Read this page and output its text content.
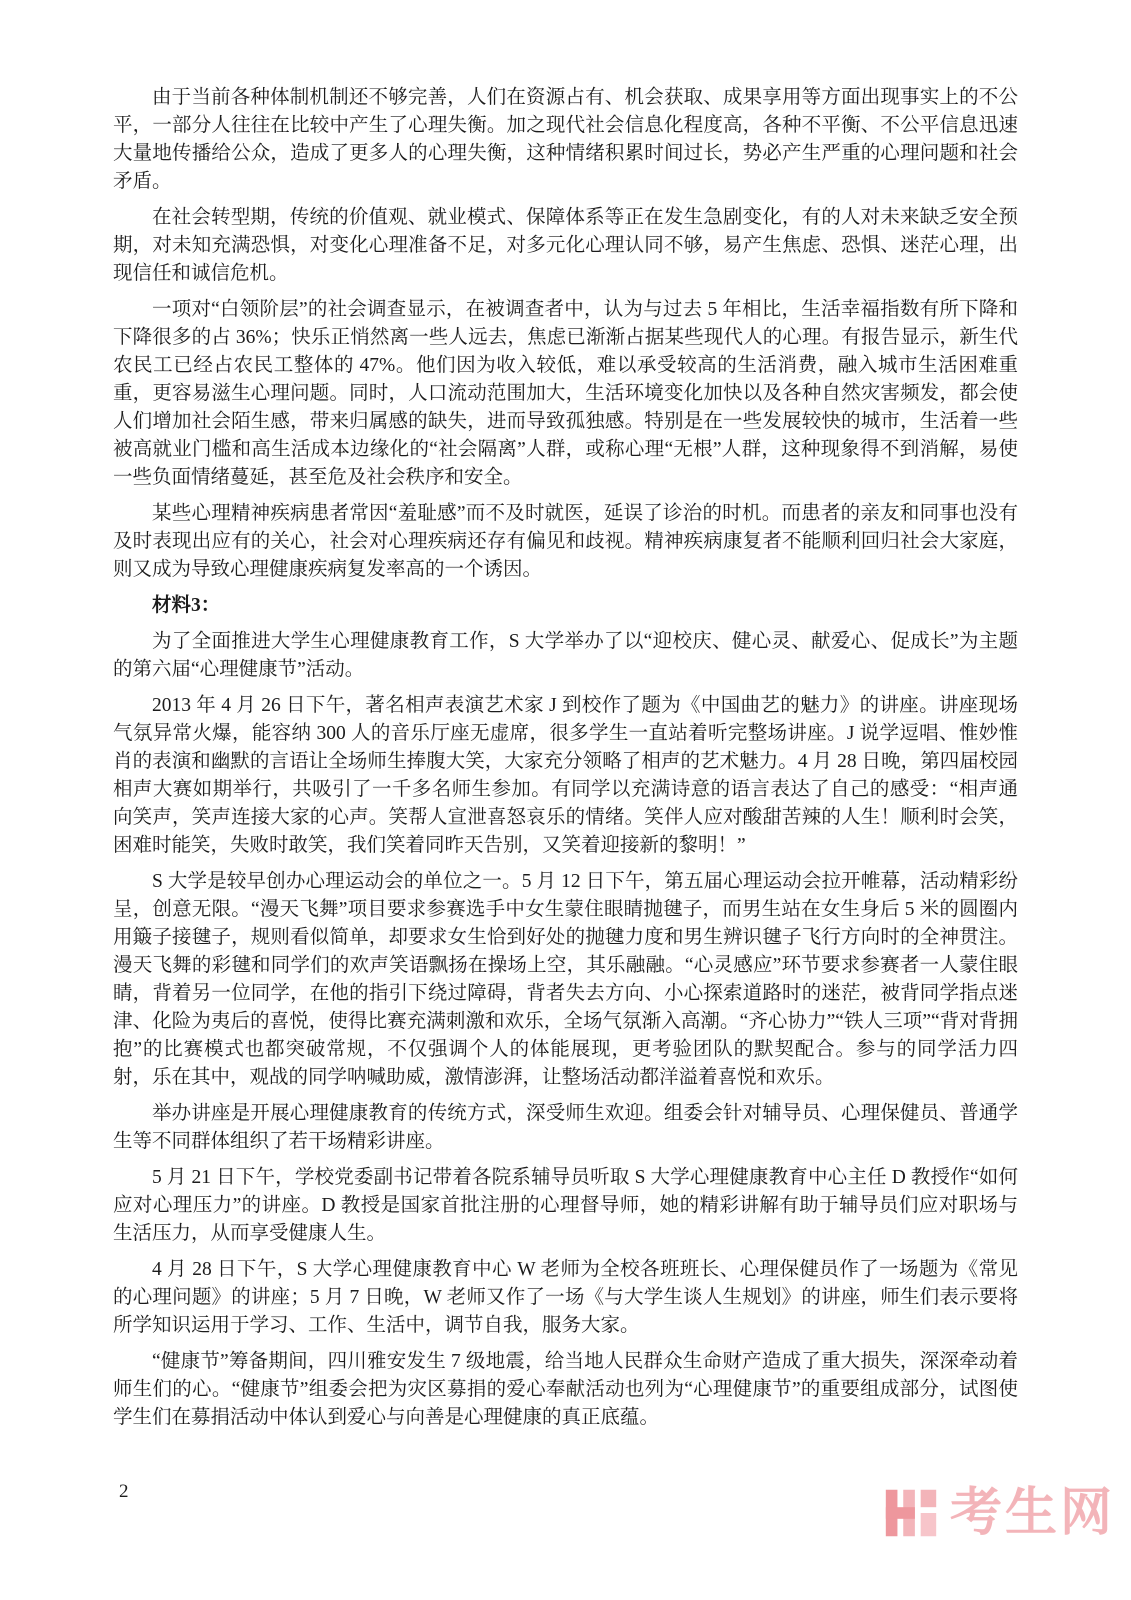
由于当前各种体制机制还不够完善，人们在资源占有、机会获取、成果享用等方面出现事实上的不公平，一部分人往往在比较中产生了心理失衡。加之现代社会信息化程度高，各种不平衡、不公平信息迅速大量地传播给公众，造成了更多人的心理失衡，这种情绪积累时间过长，势必产生严重的心理问题和社会矛盾。

在社会转型期，传统的价值观、就业模式、保障体系等正在发生急剧变化，有的人对未来缺乏安全预期，对未知充满恐惧，对变化心理准备不足，对多元化心理认同不够，易产生焦虑、恐惧、迷茫心理，出现信任和诚信危机。

一项对“白领阶层”的社会调查显示，在被调查者中，认为与过去 5 年相比，生活幸福指数有所下降和下降很多的占 36%；快乐正悄然离一些人远去，焦虑已渐渐占据某些现代人的心理。有报告显示，新生代农民工已经占农民工整体的 47%。他们因为收入较低，难以承受较高的生活消费，融入城市生活困难重重，更容易滋生心理问题。同时，人口流动范围加大，生活环境变化加快以及各种自然灾害频发，都会使人们增加社会陌生感，带来归属感的缺失，进而导致孤独感。特别是在一些发展较快的城市，生活着一些被高就业门槛和高生活成本边缘化的“社会隔离”人群，或称心理“无根”人群，这种现象得不到消解，易使一些负面情绪蔓延，甚至危及社会秩序和安全。

某些心理精神疾病患者常因“羞耻感”而不及时就医，延误了诊治的时机。而患者的亲友和同事也没有及时表现出应有的关心，社会对心理疾病还存有偏见和歧视。精神疾病康复者不能顺利回归社会大家庭，则又成为导致心理健康疾病复发率高的一个诱因。

材料3：

为了全面推进大学生心理健康教育工作，S 大学举办了以“迎校庆、健心灵、献爱心、促成长”为主题的第六届“心理健康节”活动。

2013 年 4 月 26 日下午，著名相声表演艺术家 J 到校作了题为《中国曲艺的魅力》的讲座。讲座现场气氛异常火爆，能容纳 300 人的音乐厅座无虚席，很多学生一直站着听完整场讲座。J 说学逗唱、惟妙惟肖的表演和幽默的言语让全场师生捧腹大笑，大家充分领略了相声的艺术魅力。4 月 28 日晚，第四届校园相声大赛如期举行，共吸引了一千多名师生参加。有同学以充满诗意的语言表达了自己的感受：“相声通向笑声，笑声连接大家的心声。笑帮人宣泄喜怒哀乐的情绪。笑伴人应对酸甜苦辣的人生！顺利时会笑，困难时能笑，失败时敢笑，我们笑着同昨天告别，又笑着迎接新的黎明！”

S 大学是较早创办心理运动会的单位之一。5 月 12 日下午，第五届心理运动会拉开帷幕，活动精彩纷呈，创意无限。“漫天飞舞”项目要求参赛选手中女生蒙住眼睛抛毽子，而男生站在女生身后 5 米的圆圈内用簸子接毽子，规则看似简单，却要求女生恰到好处的抛毽力度和男生辨识毽子飞行方向时的全神贯注。漫天飞舞的彩毽和同学们的欢声笑语飘扬在操场上空，其乐融融。“心灵感应”环节要求参赛者一人蒙住眼睛，背着另一位同学，在他的指引下绕过障碍，背者失去方向、小心探索道路时的迷茫，被背同学指点迷津、化险为夷后的喜悦，使得比赛充满刺激和欢乐，全场气氛渐入高潮。“齐心协力”“铁人三项”“背对背拥抱”的比赛模式也都突破常规，不仅强调个人的体能展现，更考验团队的默契配合。参与的同学活力四射，乐在其中，观战的同学呐喊助威，激情澎湃，让整场活动都洋溢着喜悦和欢乐。

举办讲座是开展心理健康教育的传统方式，深受师生欢迎。组委会针对辅导员、心理保健员、普通学生等不同群体组织了若干场精彩讲座。

5 月 21 日下午，学校党委副书记带着各院系辅导员听取 S 大学心理健康教育中心主任 D 教授作“如何应对心理压力”的讲座。D 教授是国家首批注册的心理督导师，她的精彩讲解有助于辅导员们应对职场与生活压力，从而享受健康人生。

4 月 28 日下午，S 大学心理健康教育中心 W 老师为全校各班班长、心理保健员作了一场题为《常见的心理问题》的讲座；5 月 7 日晚，W 老师又作了一场《与大学生谈人生规划》的讲座，师生们表示要将所学知识运用于学习、工作、生活中，调节自我，服务大家。

“健康节”筹备期间，四川雅安发生 7 级地震，给当地人民群众生命财产造成了重大损失，深深牵动着师生们的心。“健康节”组委会把为灾区募捐的爱心奉献活动也列为“心理健康节”的重要组成部分，试图使学生们在募捐活动中体认到爱心与向善是心理健康的真正底蕴。

2	考生网
